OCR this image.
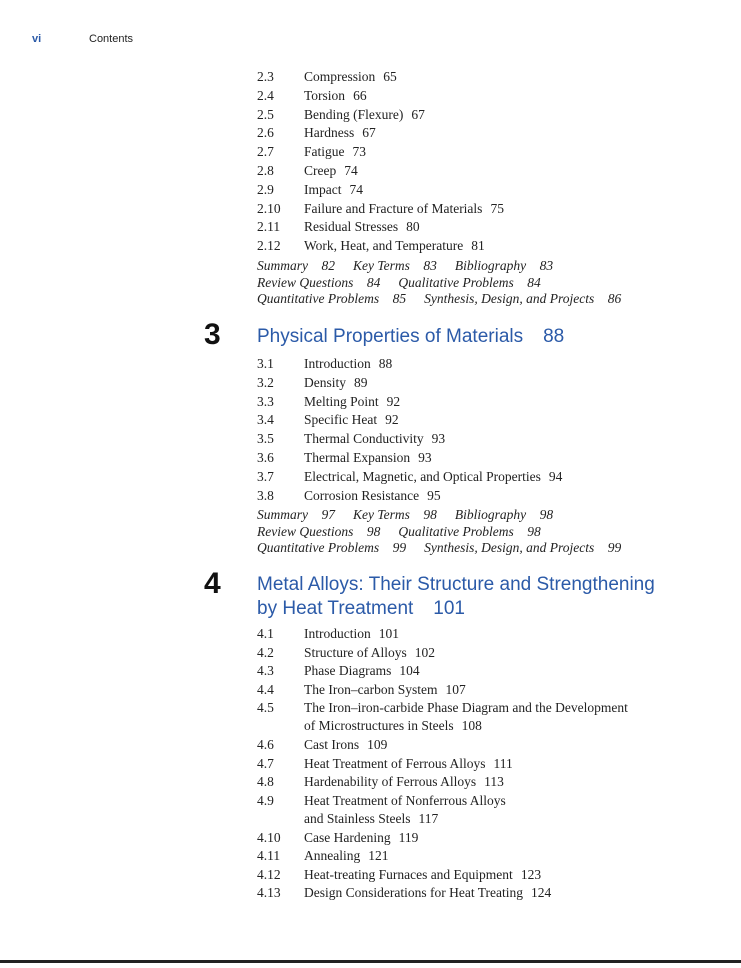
vi	Contents
2.3 Compression 65
2.4 Torsion 66
2.5 Bending (Flexure) 67
2.6 Hardness 67
2.7 Fatigue 73
2.8 Creep 74
2.9 Impact 74
2.10 Failure and Fracture of Materials 75
2.11 Residual Stresses 80
2.12 Work, Heat, and Temperature 81
Summary  82 Key Terms  83 Bibliography  83
Review Questions  84 Qualitative Problems  84
Quantitative Problems  85 Synthesis, Design, and Projects  86
3 Physical Properties of Materials 88
3.1 Introduction 88
3.2 Density 89
3.3 Melting Point 92
3.4 Specific Heat 92
3.5 Thermal Conductivity 93
3.6 Thermal Expansion 93
3.7 Electrical, Magnetic, and Optical Properties 94
3.8 Corrosion Resistance 95
Summary  97 Key Terms  98 Bibliography  98
Review Questions  98 Qualitative Problems  98
Quantitative Problems  99 Synthesis, Design, and Projects  99
4 Metal Alloys: Their Structure and Strengthening
by Heat Treatment 101
4.1 Introduction 101
4.2 Structure of Alloys 102
4.3 Phase Diagrams 104
4.4 The Iron–carbon System 107
4.5 The Iron–iron-carbide Phase Diagram and the Development
of Microstructures in Steels 108
4.6 Cast Irons 109
4.7 Heat Treatment of Ferrous Alloys 111
4.8 Hardenability of Ferrous Alloys 113
4.9 Heat Treatment of Nonferrous Alloys
and Stainless Steels 117
4.10 Case Hardening 119
4.11 Annealing 121
4.12 Heat-treating Furnaces and Equipment 123
4.13 Design Considerations for Heat Treating 124
